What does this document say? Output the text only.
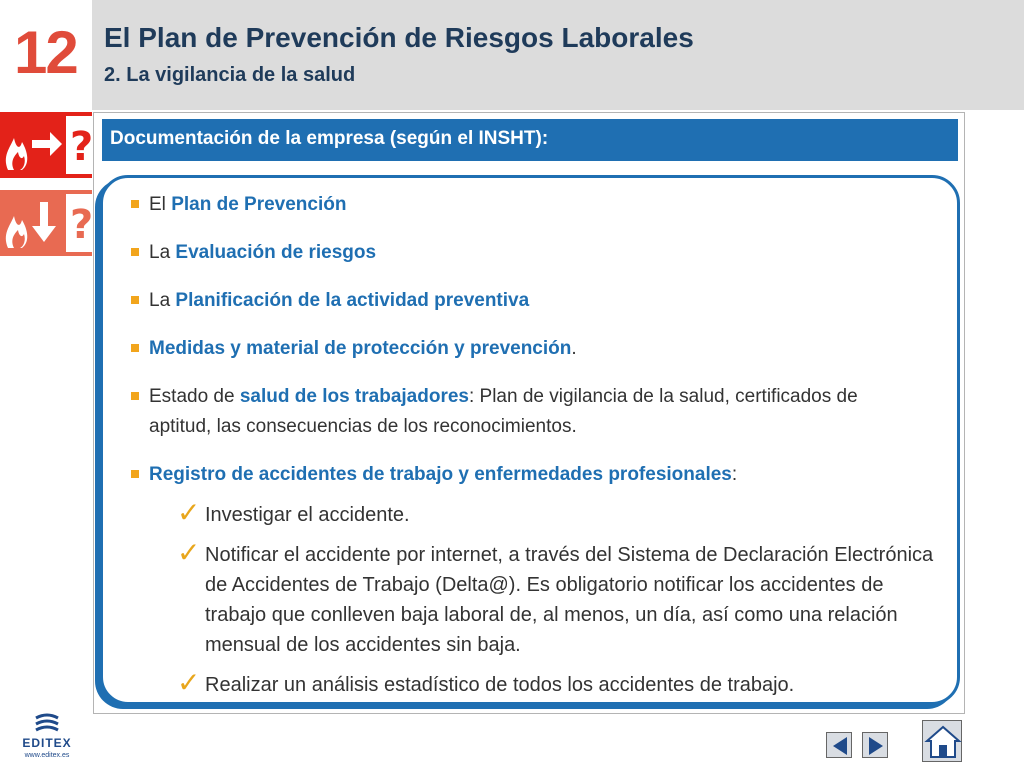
12 El Plan de Prevención de Riesgos Laborales
2. La vigilancia de la salud
?
?
Documentación de la empresa (según el INSHT):
El Plan de Prevención
La Evaluación de riesgos
La Planificación de la actividad preventiva
Medidas y material de protección y prevención.
Estado de salud de los trabajadores: Plan de vigilancia de la salud, certificados de aptitud, las consecuencias de los reconocimientos.
Registro de accidentes de trabajo y enfermedades profesionales:
✓ Investigar el accidente.
✓ Notificar el accidente por internet, a través del Sistema de Declaración Electrónica de Accidentes de Trabajo (Delta@). Es obligatorio notificar los accidentes de trabajo que conlleven baja laboral de, al menos, un día, así como una relación mensual de los accidentes sin baja.
✓ Realizar un análisis estadístico de todos los accidentes de trabajo.
EDITEX
www.editex.es
